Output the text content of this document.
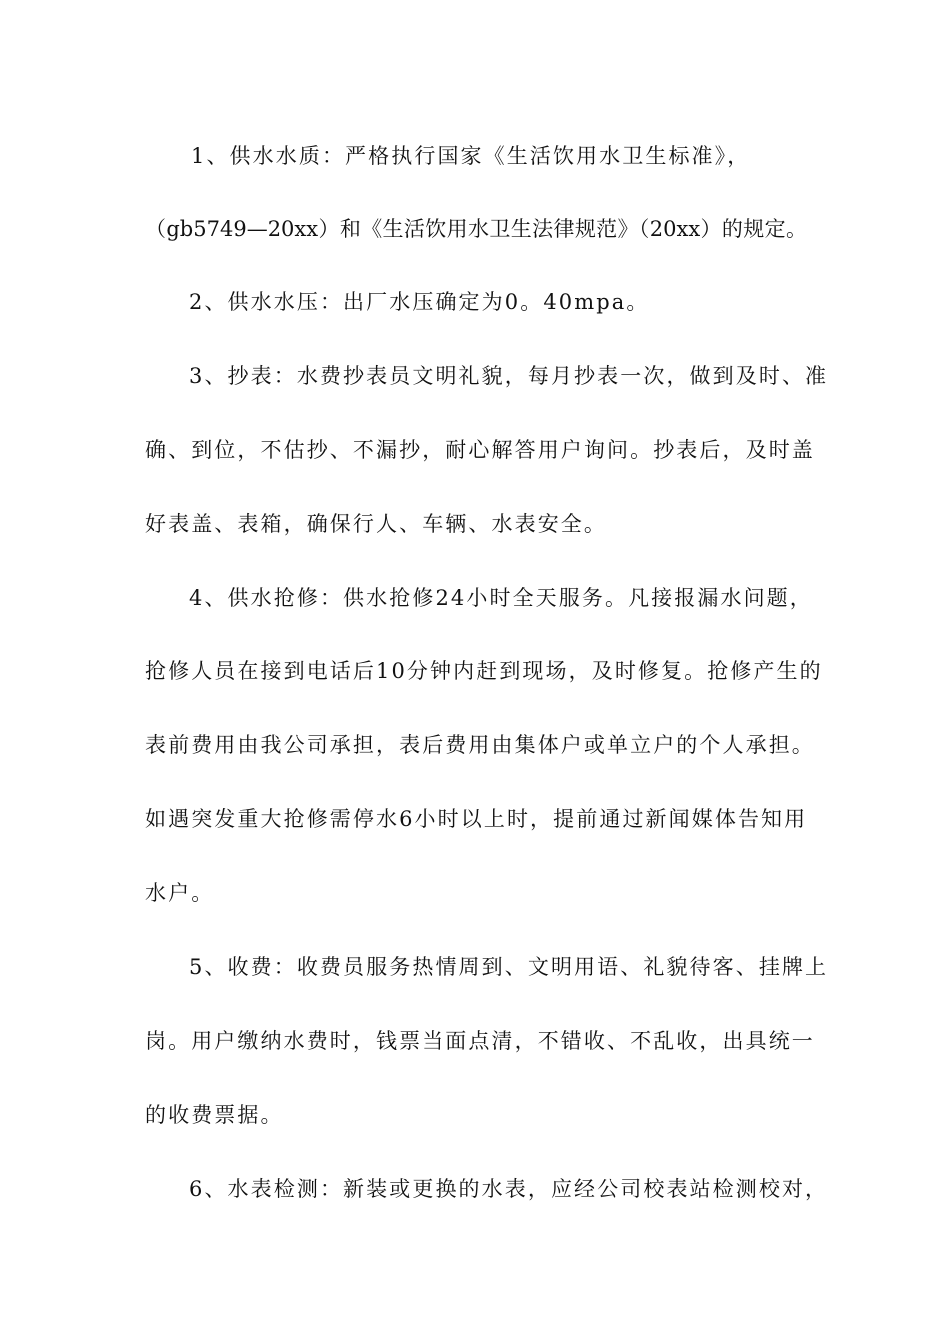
1、供水水质：严格执行国家《生活饮用水卫生标准》，
（gb5749—20xx）和《生活饮用水卫生法律规范》（20xx）的规定。
2、供水水压：出厂水压确定为0。40mpa。
3、抄表：水费抄表员文明礼貌，每月抄表一次，做到及时、准
确、到位，不估抄、不漏抄，耐心解答用户询问。抄表后，及时盖
好表盖、表箱，确保行人、车辆、水表安全。
4、供水抢修：供水抢修24小时全天服务。凡接报漏水问题，
抢修人员在接到电话后10分钟内赶到现场，及时修复。抢修产生的
表前费用由我公司承担，表后费用由集体户或单立户的个人承担。
如遇突发重大抢修需停水6小时以上时，提前通过新闻媒体告知用
水户。
5、收费：收费员服务热情周到、文明用语、礼貌待客、挂牌上
岗。用户缴纳水费时，钱票当面点清，不错收、不乱收，出具统一
的收费票据。
6、水表检测：新装或更换的水表，应经公司校表站检测校对，
